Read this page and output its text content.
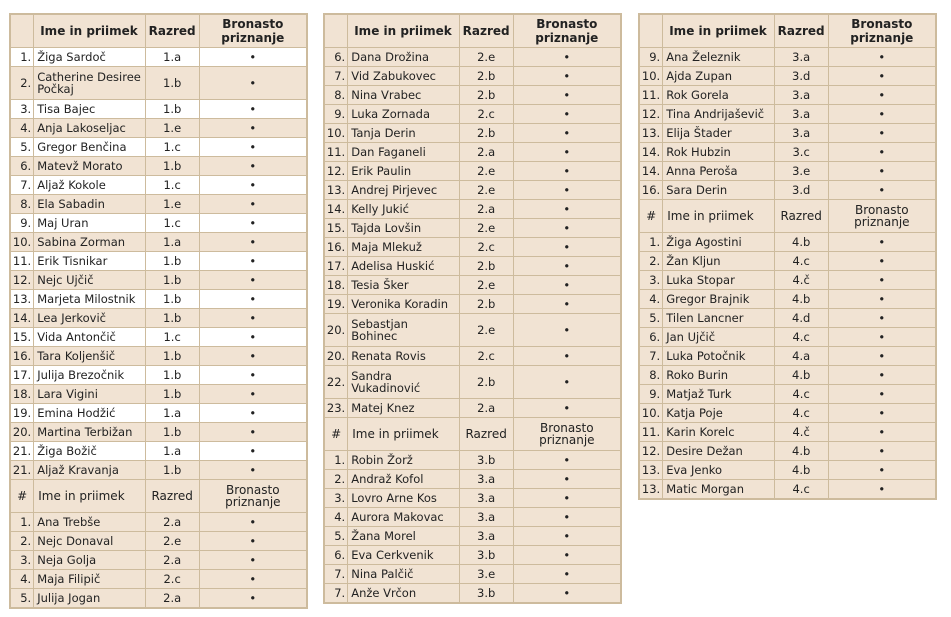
	Ime in priimek	Razred	Bronasto priznanje
1.	Žiga Sardoč	1.a	•
2.	Catherine Desiree Počkaj	1.b	•
3.	Tisa Bajec	1.b	•
4.	Anja Lakoseljac	1.e	•
5.	Gregor Benčina	1.c	•
6.	Matevž Morato	1.b	•
7.	Aljaž Kokole	1.c	•
8.	Ela Sabadin	1.e	•
9.	Maj Uran	1.c	•
10.	Sabina Zorman	1.a	•
11.	Erik Tisnikar	1.b	•
12.	Nejc Ujčič	1.b	•
13.	Marjeta Milostnik	1.b	•
14.	Lea Jerkovič	1.b	•
15.	Vida Antončič	1.c	•
16.	Tara Koljenšič	1.b	•
17.	Julija Brezočnik	1.b	•
18.	Lara Vigini	1.b	•
19.	Emina Hodžić	1.a	•
20.	Martina Terbižan	1.b	•
21.	Žiga Božič	1.a	•
21.	Aljaž Kravanja	1.b	•
#	Ime in priimek	Razred	Bronasto priznanje
1.	Ana Trebše	2.a	•
2.	Nejc Donaval	2.e	•
3.	Neja Golja	2.a	•
4.	Maja Filipič	2.c	•
5.	Julija Jogan	2.a	•
	Ime in priimek	Razred	Bronasto priznanje
6.	Dana Drožina	2.e	•
7.	Vid Zabukovec	2.b	•
8.	Nina Vrabec	2.b	•
9.	Luka Zornada	2.c	•
10.	Tanja Derin	2.b	•
11.	Dan Faganeli	2.a	•
12.	Erik Paulin	2.e	•
13.	Andrej Pirjevec	2.e	•
14.	Kelly Jukić	2.a	•
15.	Tajda Lovšin	2.e	•
16.	Maja Mlekuž	2.c	•
17.	Adelisa Huskić	2.b	•
18.	Tesia Šker	2.e	•
19.	Veronika Koradin	2.b	•
20.	Sebastjan Bohinec	2.e	•
20.	Renata Rovis	2.c	•
22.	Sandra Vukadinović	2.b	•
23.	Matej Knez	2.a	•
#	Ime in priimek	Razred	Bronasto priznanje
1.	Robin Žorž	3.b	•
2.	Andraž Kofol	3.a	•
3.	Lovro Arne Kos	3.a	•
4.	Aurora Makovac	3.a	•
5.	Žana Morel	3.a	•
6.	Eva Cerkvenik	3.b	•
7.	Nina Palčič	3.e	•
7.	Anže Vrčon	3.b	•
	Ime in priimek	Razred	Bronasto priznanje
9.	Ana Železnik	3.a	•
10.	Ajda Zupan	3.d	•
11.	Rok Gorela	3.a	•
12.	Tina Andrijaševič	3.a	•
13.	Elija Štader	3.a	•
14.	Rok Hubzin	3.c	•
14.	Anna Peroša	3.e	•
16.	Sara Derin	3.d	•
#	Ime in priimek	Razred	Bronasto priznanje
1.	Žiga Agostini	4.b	•
2.	Žan Kljun	4.c	•
3.	Luka Stopar	4.č	•
4.	Gregor Brajnik	4.b	•
5.	Tilen Lancner	4.d	•
6.	Jan Ujčič	4.c	•
7.	Luka Potočnik	4.a	•
8.	Roko Burin	4.b	•
9.	Matjaž Turk	4.c	•
10.	Katja Poje	4.c	•
11.	Karin Korelc	4.č	•
12.	Desire Dežan	4.b	•
13.	Eva Jenko	4.b	•
13.	Matic Morgan	4.c	•
